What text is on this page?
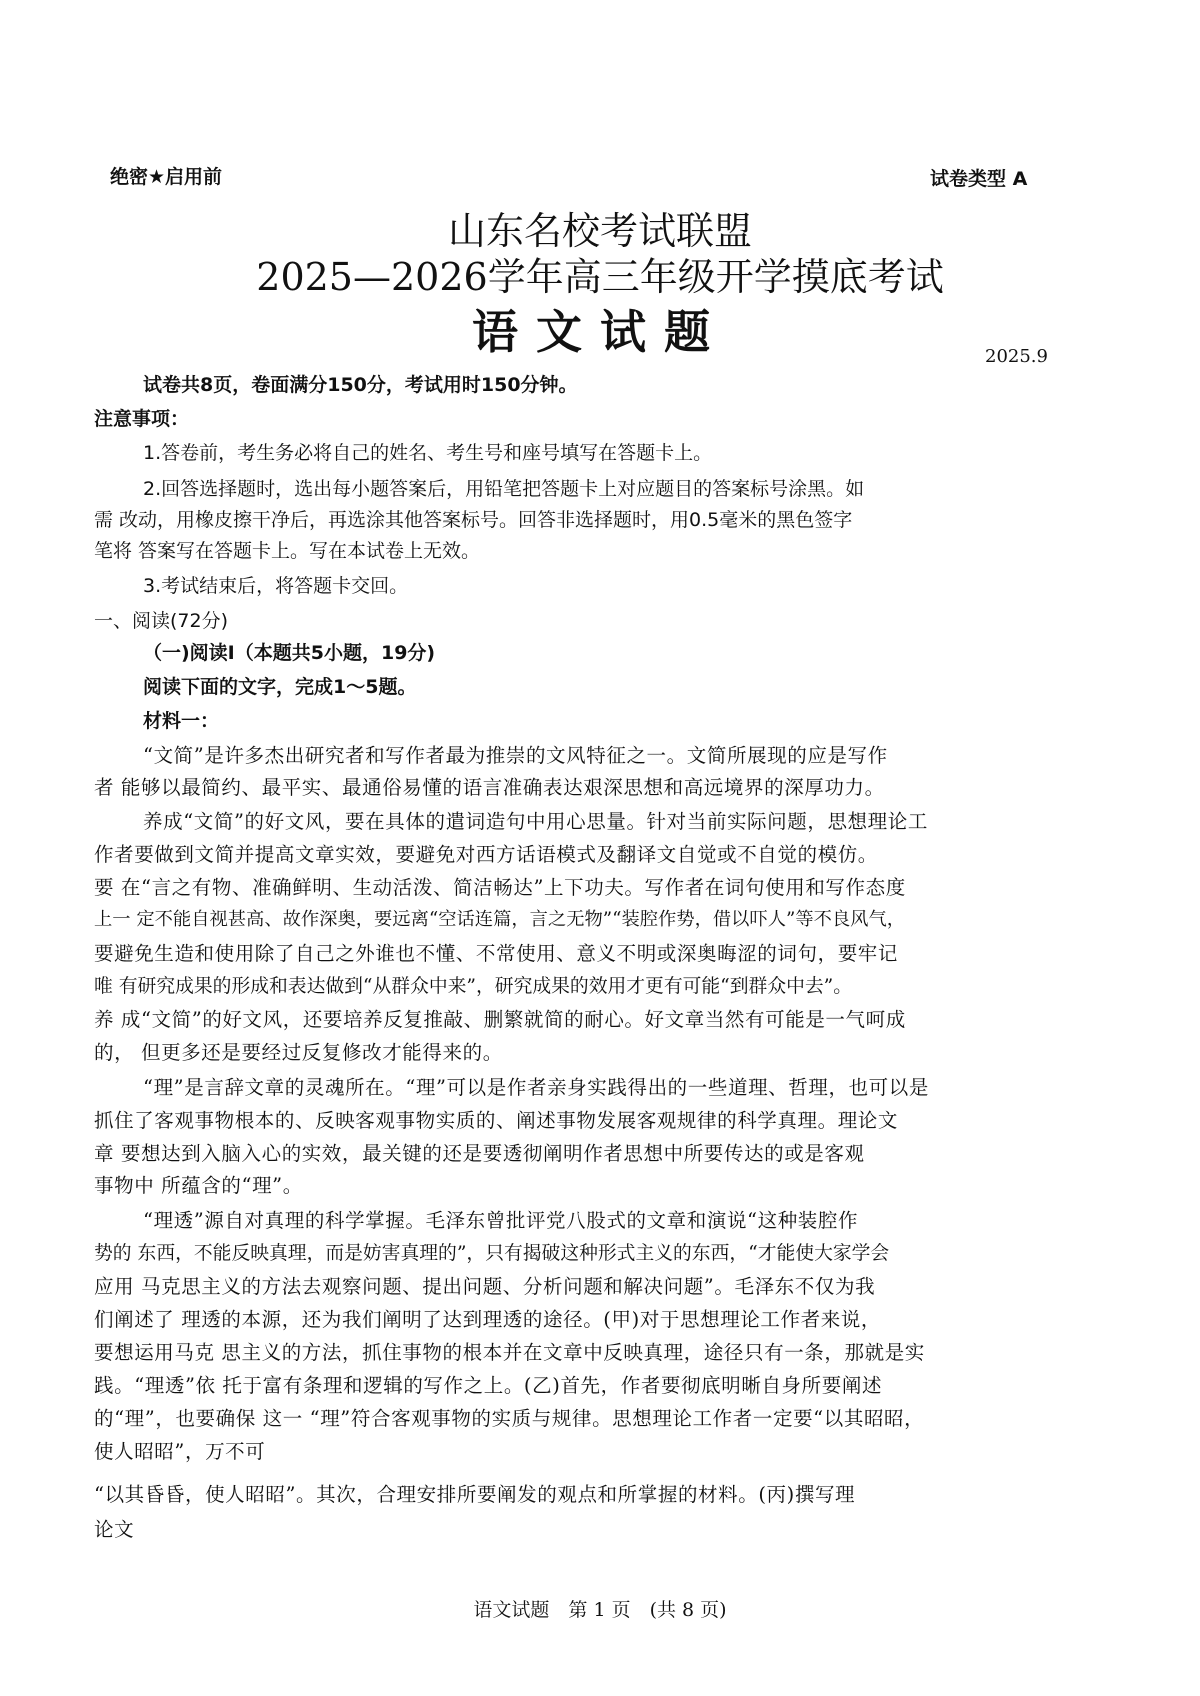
绝密★启用前	试卷类型 A
山东名校考试联盟
2025—2026学年高三年级开学摸底考试
语文试题	2025.9
试卷共8页，卷面满分150分，考试用时150分钟。
注意事项：
1.答卷前，考生务必将自己的姓名、考生号和座号填写在答题卡上。
2.回答选择题时，选出每小题答案后，用铅笔把答题卡上对应题目的答案标号涂黑。如
需 改动，用橡皮擦干净后，再选涂其他答案标号。回答非选择题时，用0.5毫米的黑色签字
笔将 答案写在答题卡上。写在本试卷上无效。
3.考试结束后，将答题卡交回。
一、阅读(72分)
（一)阅读I（本题共5小题，19分)
阅读下面的文字，完成1～5题。
材料一：
“文简”是许多杰出研究者和写作者最为推崇的文风特征之一。文简所展现的应是写作
者 能够以最简约、最平实、最通俗易懂的语言准确表达艰深思想和高远境界的深厚功力。
养成“文简”的好文风，要在具体的遣词造句中用心思量。针对当前实际问题，思想理论工
作者要做到文简并提高文章实效，要避免对西方话语模式及翻译文自觉或不自觉的模仿。
要 在“言之有物、准确鲜明、生动活泼、简洁畅达”上下功夫。写作者在词句使用和写作态度
上一 定不能自视甚高、故作深奥，要远离“空话连篇，言之无物”“装腔作势，借以吓人”等不良风气，
要避免生造和使用除了自己之外谁也不懂、不常使用、意义不明或深奥晦涩的词句，要牢记
唯 有研究成果的形成和表达做到“从群众中来”，研究成果的效用才更有可能“到群众中去”。
养 成“文简”的好文风，还要培养反复推敲、删繁就简的耐心。好文章当然有可能是一气呵成
的， 但更多还是要经过反复修改才能得来的。
“理”是言辞文章的灵魂所在。“理”可以是作者亲身实践得出的一些道理、哲理，也可以是
抓住了客观事物根本的、反映客观事物实质的、阐述事物发展客观规律的科学真理。理论文
章 要想达到入脑入心的实效，最关键的还是要透彻阐明作者思想中所要传达的或是客观
事物中 所蕴含的“理”。
“理透”源自对真理的科学掌握。毛泽东曾批评党八股式的文章和演说“这种装腔作
势的 东西，不能反映真理，而是妨害真理的”，只有揭破这种形式主义的东西，“才能使大家学会
应用 马克思主义的方法去观察问题、提出问题、分析问题和解决问题”。毛泽东不仅为我
们阐述了 理透的本源，还为我们阐明了达到理透的途径。(甲)对于思想理论工作者来说，
要想运用马克 思主义的方法，抓住事物的根本并在文章中反映真理，途径只有一条，那就是实
践。“理透”依 托于富有条理和逻辑的写作之上。(乙)首先，作者要彻底明晰自身所要阐述
的“理”，也要确保 这一 “理”符合客观事物的实质与规律。思想理论工作者一定要“以其昭昭，
使人昭昭”，万不可
“以其昏昏，使人昭昭”。其次，合理安排所要阐发的观点和所掌握的材料。(丙)撰写理
论文
语文试题　第 1 页　(共 8 页)
